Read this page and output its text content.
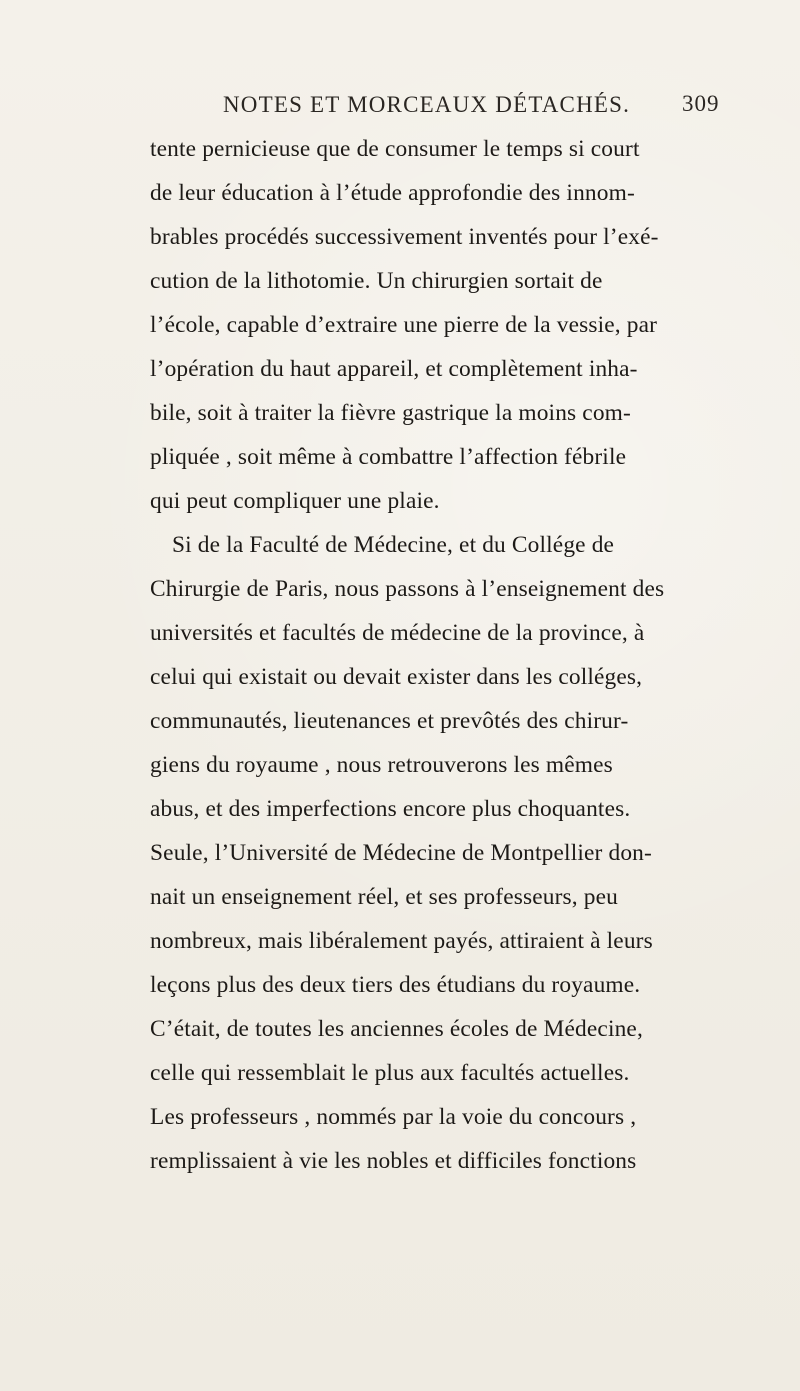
NOTES ET MORCEAUX DÉTACHÉS. 309
tente pernicieuse que de consumer le temps si court
de leur éducation à l’étude approfondie des innom-
brables procédés successivement inventés pour l’exé-
cution de la lithotomie. Un chirurgien sortait de
l’école, capable d’extraire une pierre de la vessie, par
l’opération du haut appareil, et complètement inha-
bile, soit à traiter la fièvre gastrique la moins com-
pliquée , soit même à combattre l’affection fébrile
qui peut compliquer une plaie.
Si de la Faculté de Médecine, et du Collége de
Chirurgie de Paris, nous passons à l’enseignement des
universités et facultés de médecine de la province, à
celui qui existait ou devait exister dans les colléges,
communautés, lieutenances et prevôtés des chirur-
giens du royaume , nous retrouverons les mêmes
abus, et des imperfections encore plus choquantes.
Seule, l’Université de Médecine de Montpellier don-
nait un enseignement réel, et ses professeurs, peu
nombreux, mais libéralement payés, attiraient à leurs
leçons plus des deux tiers des étudians du royaume.
C’était, de toutes les anciennes écoles de Médecine,
celle qui ressemblait le plus aux facultés actuelles.
Les professeurs , nommés par la voie du concours ,
remplissaient à vie les nobles et difficiles fonctions
